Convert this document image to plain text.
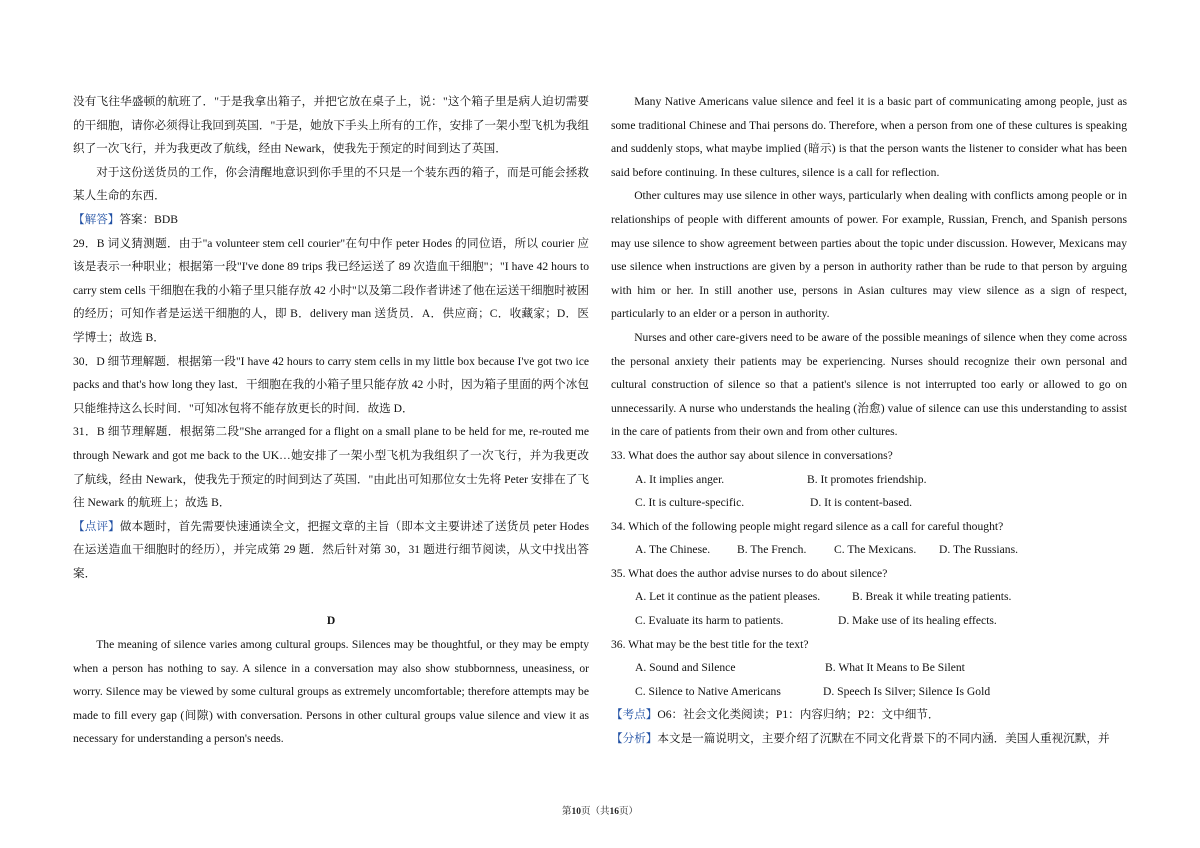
没有飞往华盛顿的航班了．"于是我拿出箱子，并把它放在桌子上，说："这个箱子里是病人迫切需要的干细胞，请你必须得让我回到英国．"于是，她放下手头上所有的工作，安排了一架小型飞机为我组织了一次飞行，并为我更改了航线，经由 Newark，使我先于预定的时间到达了英国．

对于这份送货员的工作，你会清醒地意识到你手里的不只是一个装东西的箱子，而是可能会拯救某人生命的东西．

【解答】答案：BDB

29．B 词义猜测题．由于"a volunteer stem cell courier"在句中作 peter Hodes 的同位语，所以 courier 应该是表示一种职业；根据第一段"I've done 89 trips 我已经运送了 89 次造血干细胞"；"I have 42 hours to carry stem cells 干细胞在我的小箱子里只能存放 42 小时"以及第二段作者讲述了他在运送干细胞时被困的经历；可知作者是运送干细胞的人，即 B．delivery man 送货员．A．供应商；C．收藏家；D．医学博士；故选 B．

30．D 细节理解题．根据第一段"I have 42 hours to carry stem cells in my little box because I've got two ice packs and that's how long they last．干细胞在我的小箱子里只能存放 42 小时，因为箱子里面的两个冰包只能维持这么长时间．"可知冰包将不能存放更长的时间．故选 D．

31．B 细节理解题．根据第二段"She arranged for a flight on a small plane to be held for me, re-routed me through Newark and got me back to the UK…她安排了一架小型飞机为我组织了一次飞行，并为我更改了航线，经由 Newark，使我先于预定的时间到达了英国．"由此出可知那位女士先将 Peter 安排在了飞往 Newark 的航班上；故选 B．

【点评】做本题时，首先需要快速通读全文，把握文章的主旨（即本文主要讲述了送货员 peter Hodes 在运送造血干细胞时的经历），并完成第 29 题．然后针对第 30，31 题进行细节阅读，从文中找出答案．

D

The meaning of silence varies among cultural groups. Silences may be thoughtful, or they may be empty when a person has nothing to say. A silence in a conversation may also show stubbornness, uneasiness, or worry. Silence may be viewed by some cultural groups as extremely uncomfortable; therefore attempts may be made to fill every gap (间隙) with conversation. Persons in other cultural groups value silence and view it as necessary for understanding a person's needs.

Many Native Americans value silence and feel it is a basic part of communicating among people, just as some traditional Chinese and Thai persons do. Therefore, when a person from one of these cultures is speaking and suddenly stops, what maybe implied (暗示) is that the person wants the listener to consider what has been said before continuing. In these cultures, silence is a call for reflection.

Other cultures may use silence in other ways, particularly when dealing with conflicts among people or in relationships of people with different amounts of power. For example, Russian, French, and Spanish persons may use silence to show agreement between parties about the topic under discussion. However, Mexicans may use silence when instructions are given by a person in authority rather than be rude to that person by arguing with him or her. In still another use, persons in Asian cultures may view silence as a sign of respect, particularly to an elder or a person in authority.

Nurses and other care-givers need to be aware of the possible meanings of silence when they come across the personal anxiety their patients may be experiencing. Nurses should recognize their own personal and cultural construction of silence so that a patient's silence is not interrupted too early or allowed to go on unnecessarily. A nurse who understands the healing (治愈) value of silence can use this understanding to assist in the care of patients from their own and from other cultures.

33. What does the author say about silence in conversations?

A. It implies anger.	B. It promotes friendship.
C. It is culture-specific.	D. It is content-based.

34. Which of the following people might regard silence as a call for careful thought?

A. The Chinese.	B. The French.	C. The Mexicans.	D. The Russians.

35. What does the author advise nurses to do about silence?

A. Let it continue as the patient pleases.	B. Break it while treating patients.
C. Evaluate its harm to patients.	D. Make use of its healing effects.

36. What may be the best title for the text?

A. Sound and Silence	B. What It Means to Be Silent
C. Silence to Native Americans	D. Speech Is Silver; Silence Is Gold

【考点】O6：社会文化类阅读；P1：内容归纳；P2：文中细节．

【分析】本文是一篇说明文，主要介绍了沉默在不同文化背景下的不同内涵．美国人重视沉默，并

第10页（共16页）
